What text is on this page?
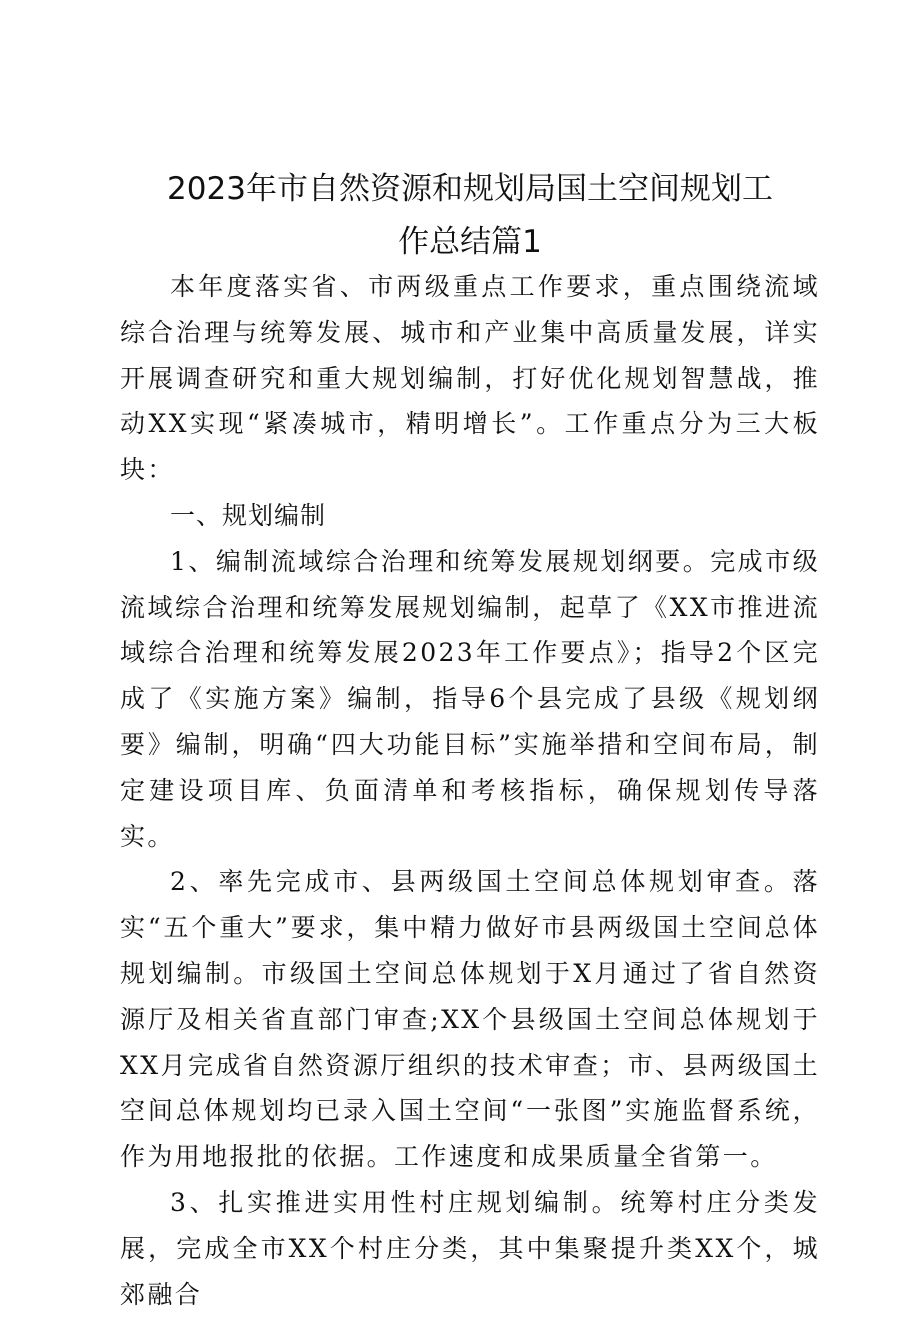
2023年市自然资源和规划局国土空间规划工
作总结篇1

本年度落实省、市两级重点工作要求，重点围绕流域综合治理与统筹发展、城市和产业集中高质量发展，详实开展调查研究和重大规划编制，打好优化规划智慧战，推动XX实现“紧凑城市，精明增长”。工作重点分为三大板块：

一、规划编制

1、编制流域综合治理和统筹发展规划纲要。完成市级流域综合治理和统筹发展规划编制，起草了《XX市推进流域综合治理和统筹发展2023年工作要点》；指导2个区完成了《实施方案》编制，指导6个县完成了县级《规划纲要》编制，明确“四大功能目标”实施举措和空间布局，制定建设项目库、负面清单和考核指标，确保规划传导落实。

2、率先完成市、县两级国土空间总体规划审查。落实“五个重大”要求，集中精力做好市县两级国土空间总体规划编制。市级国土空间总体规划于X月通过了省自然资源厅及相关省直部门审查;XX个县级国土空间总体规划于XX月完成省自然资源厅组织的技术审查；市、县两级国土空间总体规划均已录入国土空间“一张图”实施监督系统，作为用地报批的依据。工作速度和成果质量全省第一。

3、扎实推进实用性村庄规划编制。统筹村庄分类发展，完成全市XX个村庄分类，其中集聚提升类XX个，城郊融合
